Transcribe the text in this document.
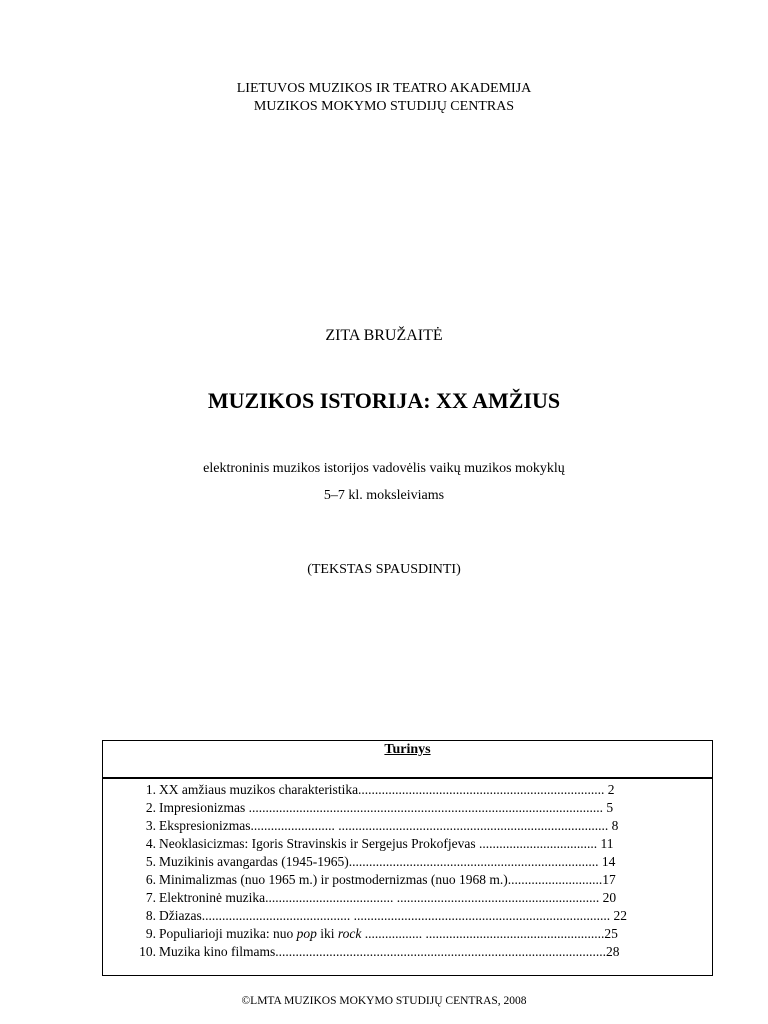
LIETUVOS MUZIKOS IR TEATRO AKADEMIJA
MUZIKOS MOKYMO STUDIJŲ CENTRAS
ZITA BRUŽAITĖ
MUZIKOS ISTORIJA: XX AMŽIUS
elektroninis muzikos istorijos vadovėlis vaikų muzikos mokyklų
5–7 kl. moksleiviams
(TEKSTAS SPAUSDINTI)
Turinys
1. XX amžiaus muzikos charakteristika......................................................................... 2
2. Impresionizmas ......................................................................................................... 5
3. Ekspresionizmas......................... ................................................................................ 8
4. Neoklasicizmas: Igoris Stravinskis ir Sergejus Prokofjevas ................................... 11
5. Muzikinis avangardas (1945-1965).......................................................................... 14
6. Minimalizmas (nuo 1965 m.) ir postmodernizmas (nuo 1968 m.)............................17
7. Elektroninė muzika...................................... ............................................................ 20
8. Džiazas............................................ ............................................................................ 22
9. Populiarioji muzika: nuo pop iki rock ................. .....................................................25
10. Muzika kino filmams..................................................................................................28
©LMTA MUZIKOS MOKYMO STUDIJŲ CENTRAS, 2008
